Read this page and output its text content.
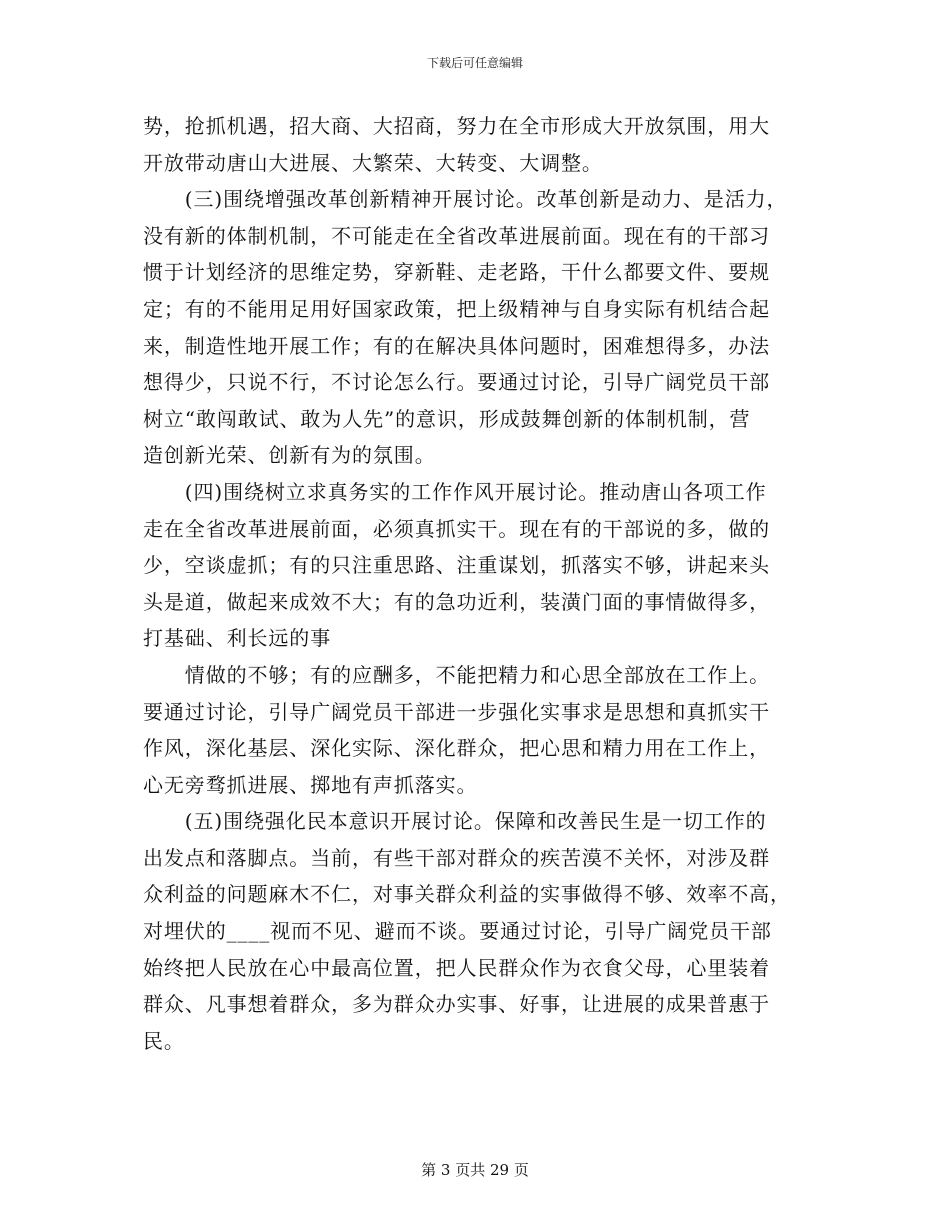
下载后可任意编辑

势，抢抓机遇，招大商、大招商，努力在全市形成大开放氛围，用大
开放带动唐山大进展、大繁荣、大转变、大调整。

　　(三)围绕增强改革创新精神开展讨论。改革创新是动力、是活力，
没有新的体制机制，不可能走在全省改革进展前面。现在有的干部习
惯于计划经济的思维定势，穿新鞋、走老路，干什么都要文件、要规
定；有的不能用足用好国家政策，把上级精神与自身实际有机结合起
来，制造性地开展工作；有的在解决具体问题时，困难想得多，办法
想得少，只说不行，不讨论怎么行。要通过讨论，引导广阔党员干部
树立“敢闯敢试、敢为人先”的意识，形成鼓舞创新的体制机制，营
造创新光荣、创新有为的氛围。

　　(四)围绕树立求真务实的工作作风开展讨论。推动唐山各项工作
走在全省改革进展前面，必须真抓实干。现在有的干部说的多，做的
少，空谈虚抓；有的只注重思路、注重谋划，抓落实不够，讲起来头
头是道，做起来成效不大；有的急功近利，装潢门面的事情做得多，
打基础、利长远的事

　　情做的不够；有的应酬多，不能把精力和心思全部放在工作上。
要通过讨论，引导广阔党员干部进一步强化实事求是思想和真抓实干
作风，深化基层、深化实际、深化群众，把心思和精力用在工作上，
心无旁骛抓进展、掷地有声抓落实。

　　(五)围绕强化民本意识开展讨论。保障和改善民生是一切工作的
出发点和落脚点。当前，有些干部对群众的疾苦漠不关怀，对涉及群
众利益的问题麻木不仁，对事关群众利益的实事做得不够、效率不高，
对埋伏的____视而不见、避而不谈。要通过讨论，引导广阔党员干部
始终把人民放在心中最高位置，把人民群众作为衣食父母，心里装着
群众、凡事想着群众，多为群众办实事、好事，让进展的成果普惠于
民。

第 3 页共 29 页
